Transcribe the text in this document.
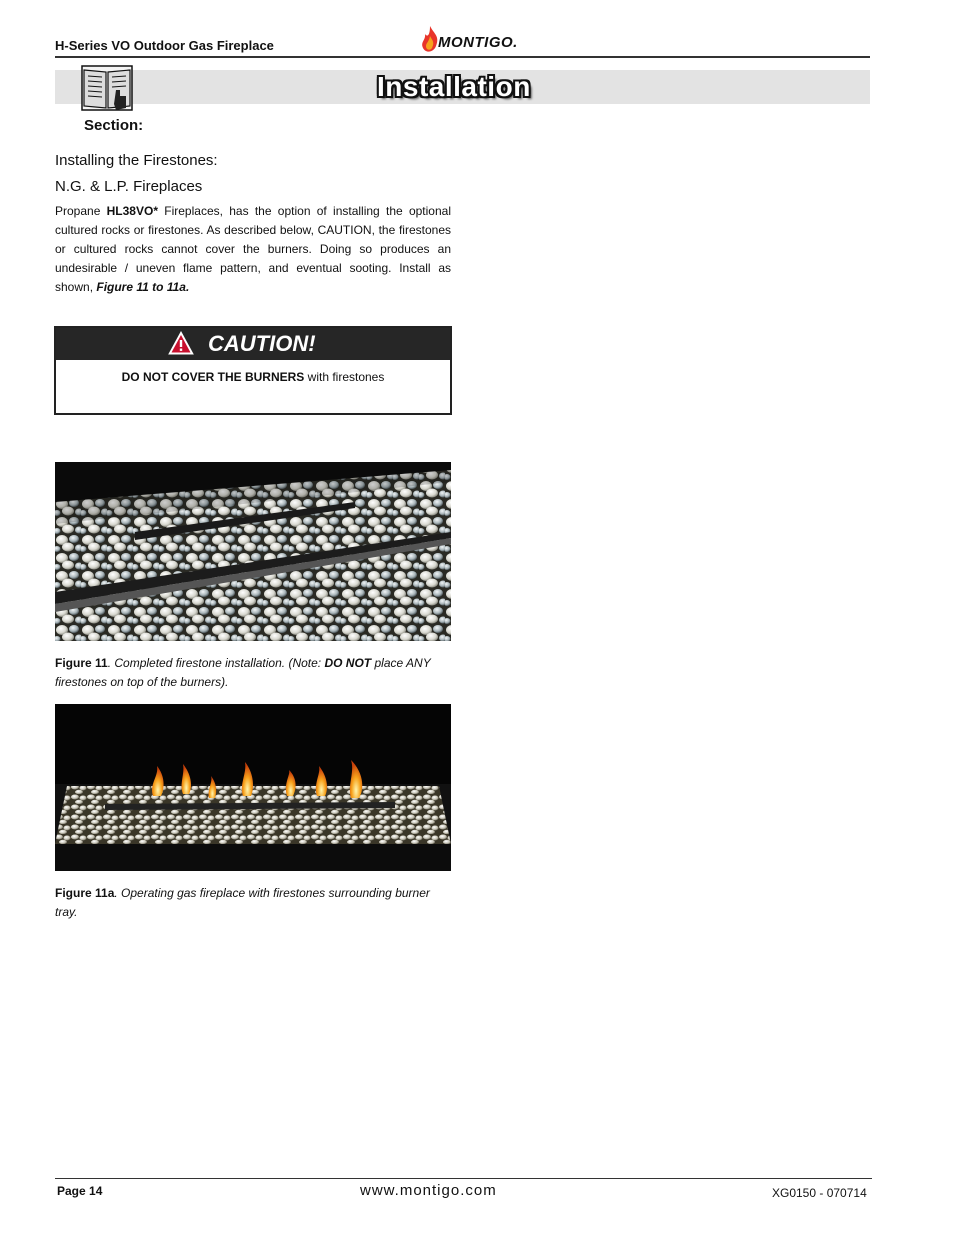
H-Series VO Outdoor Gas Fireplace	MONTIGO.
Installation
Section:
Installing the Firestones:
N.G. & L.P. Fireplaces
Propane HL38VO* Fireplaces, has the option of installing the optional cultured rocks or firestones. As described below, CAUTION, the firestones or cultured rocks cannot cover the burners. Doing so produces an undesirable / uneven flame pattern, and eventual sooting. Install as shown, Figure 11 to 11a.
CAUTION!
DO NOT COVER THE BURNERS with firestones
Figure 11. Completed firestone installation. (Note: DO NOT place ANY firestones on top of the burners).
Figure 11a. Operating gas fireplace with firestones surrounding burner tray.
Page 14	www.montigo.com	XG0150 - 070714
